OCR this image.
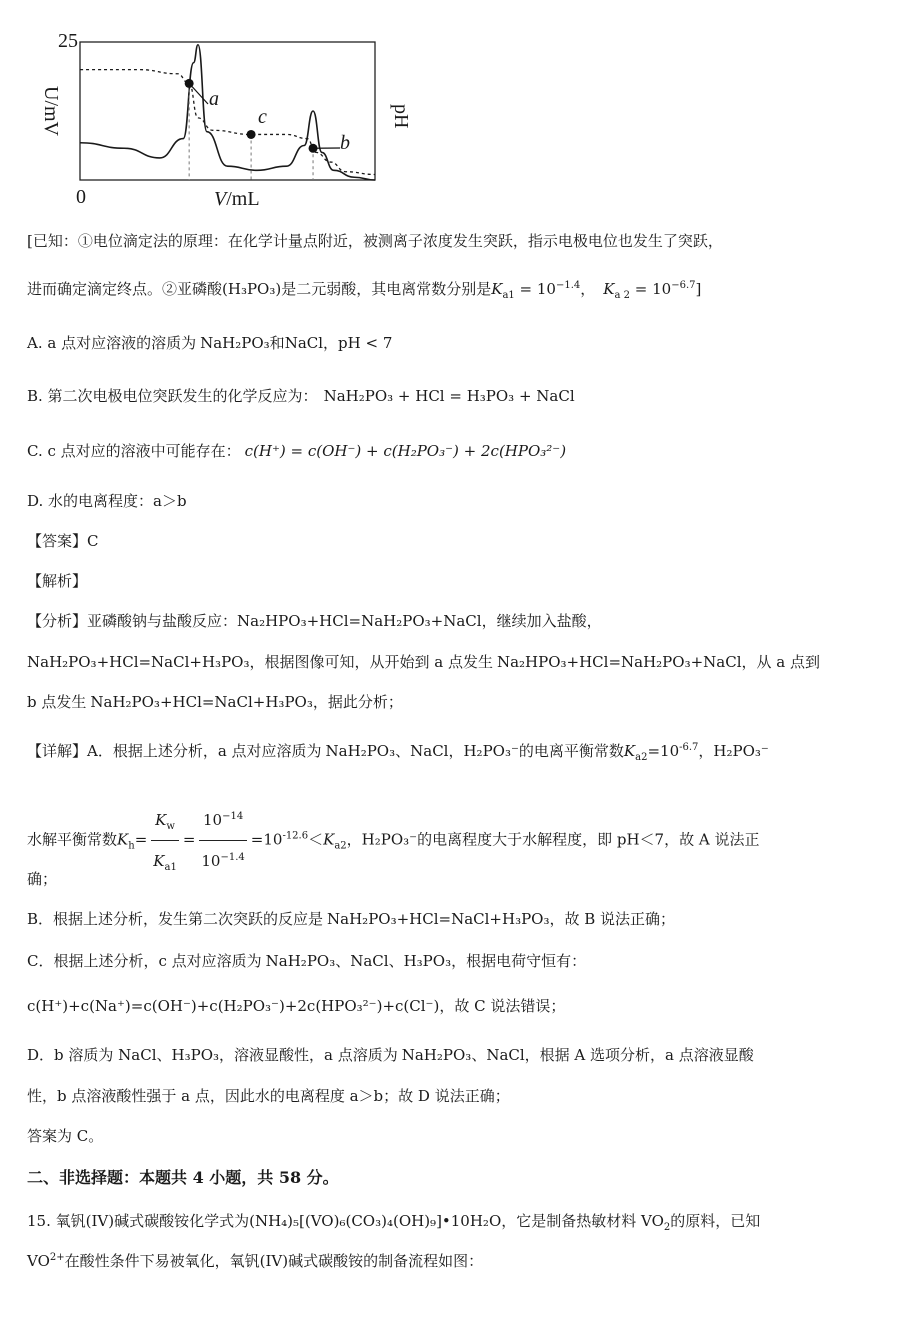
25
U/mV	pH
0	V/mL
a
c
b
[已知：①电位滴定法的原理：在化学计量点附近，被测离子浓度发生突跃，指示电极电位也发生了突跃，
进而确定滴定终点。②亚磷酸(H₃PO₃)是二元弱酸，其电离常数分别是$K_{a1} = 10^{-1.4}$， $K_{a 2} = 10^{-6.7}$]
A. a 点对应溶液的溶质为 NaH₂PO₃和NaCl，pH < 7
B. 第二次电极电位突跃发生的化学反应为： NaH₂PO₃ + HCl = H₃PO₃ + NaCl
C. c 点对应的溶液中可能存在： c(H⁺) = c(OH⁻) + c(H₂PO₃⁻) + 2c(HPO₃²⁻)
D. 水的电离程度：a＞b
【答案】C
【解析】
【分析】亚磷酸钠与盐酸反应：Na₂HPO₃+HCl=NaH₂PO₃+NaCl，继续加入盐酸，
NaH₂PO₃+HCl=NaCl+H₃PO₃，根据图像可知，从开始到 a 点发生 Na₂HPO₃+HCl=NaH₂PO₃+NaCl，从 a 点到
b 点发生 NaH₂PO₃+HCl=NaCl+H₃PO₃，据此分析；
【详解】A．根据上述分析，a 点对应溶质为 NaH₂PO₃、NaCl，H₂PO₃⁻的电离平衡常数$K_{a2}=10^{-6.7}$，H₂PO₃⁻
水解平衡常数$K_h= \frac{K_w}{K_{a1}} = \frac{10^{-14}}{10^{-1.4}} =10^{-12.6}<K_{a2}$，H₂PO₃⁻的电离程度大于水解程度，即 pH＜7，故 A 说法正
确；
B．根据上述分析，发生第二次突跃的反应是 NaH₂PO₃+HCl=NaCl+H₃PO₃，故 B 说法正确；
C．根据上述分析，c 点对应溶质为 NaH₂PO₃、NaCl、H₃PO₃，根据电荷守恒有：
c(H⁺)+c(Na⁺)=c(OH⁻)+c(H₂PO₃⁻)+2c(HPO₃²⁻)+c(Cl⁻)，故 C 说法错误；
D．b 溶质为 NaCl、H₃PO₃，溶液显酸性，a 点溶质为 NaH₂PO₃、NaCl，根据 A 选项分析，a 点溶液显酸
性，b 点溶液酸性强于 a 点，因此水的电离程度 a＞b；故 D 说法正确；
答案为 C。
二、非选择题：本题共 4 小题，共 58 分。
15. 氧钒(IV)碱式碳酸铵化学式为(NH₄)₅[(VO)₆(CO₃)₄(OH)₉]•10H₂O，它是制备热敏材料 $VO_2$的原料，已知
$VO^{2+}$在酸性条件下易被氧化，氧钒(IV)碱式碳酸铵的制备流程如图：
